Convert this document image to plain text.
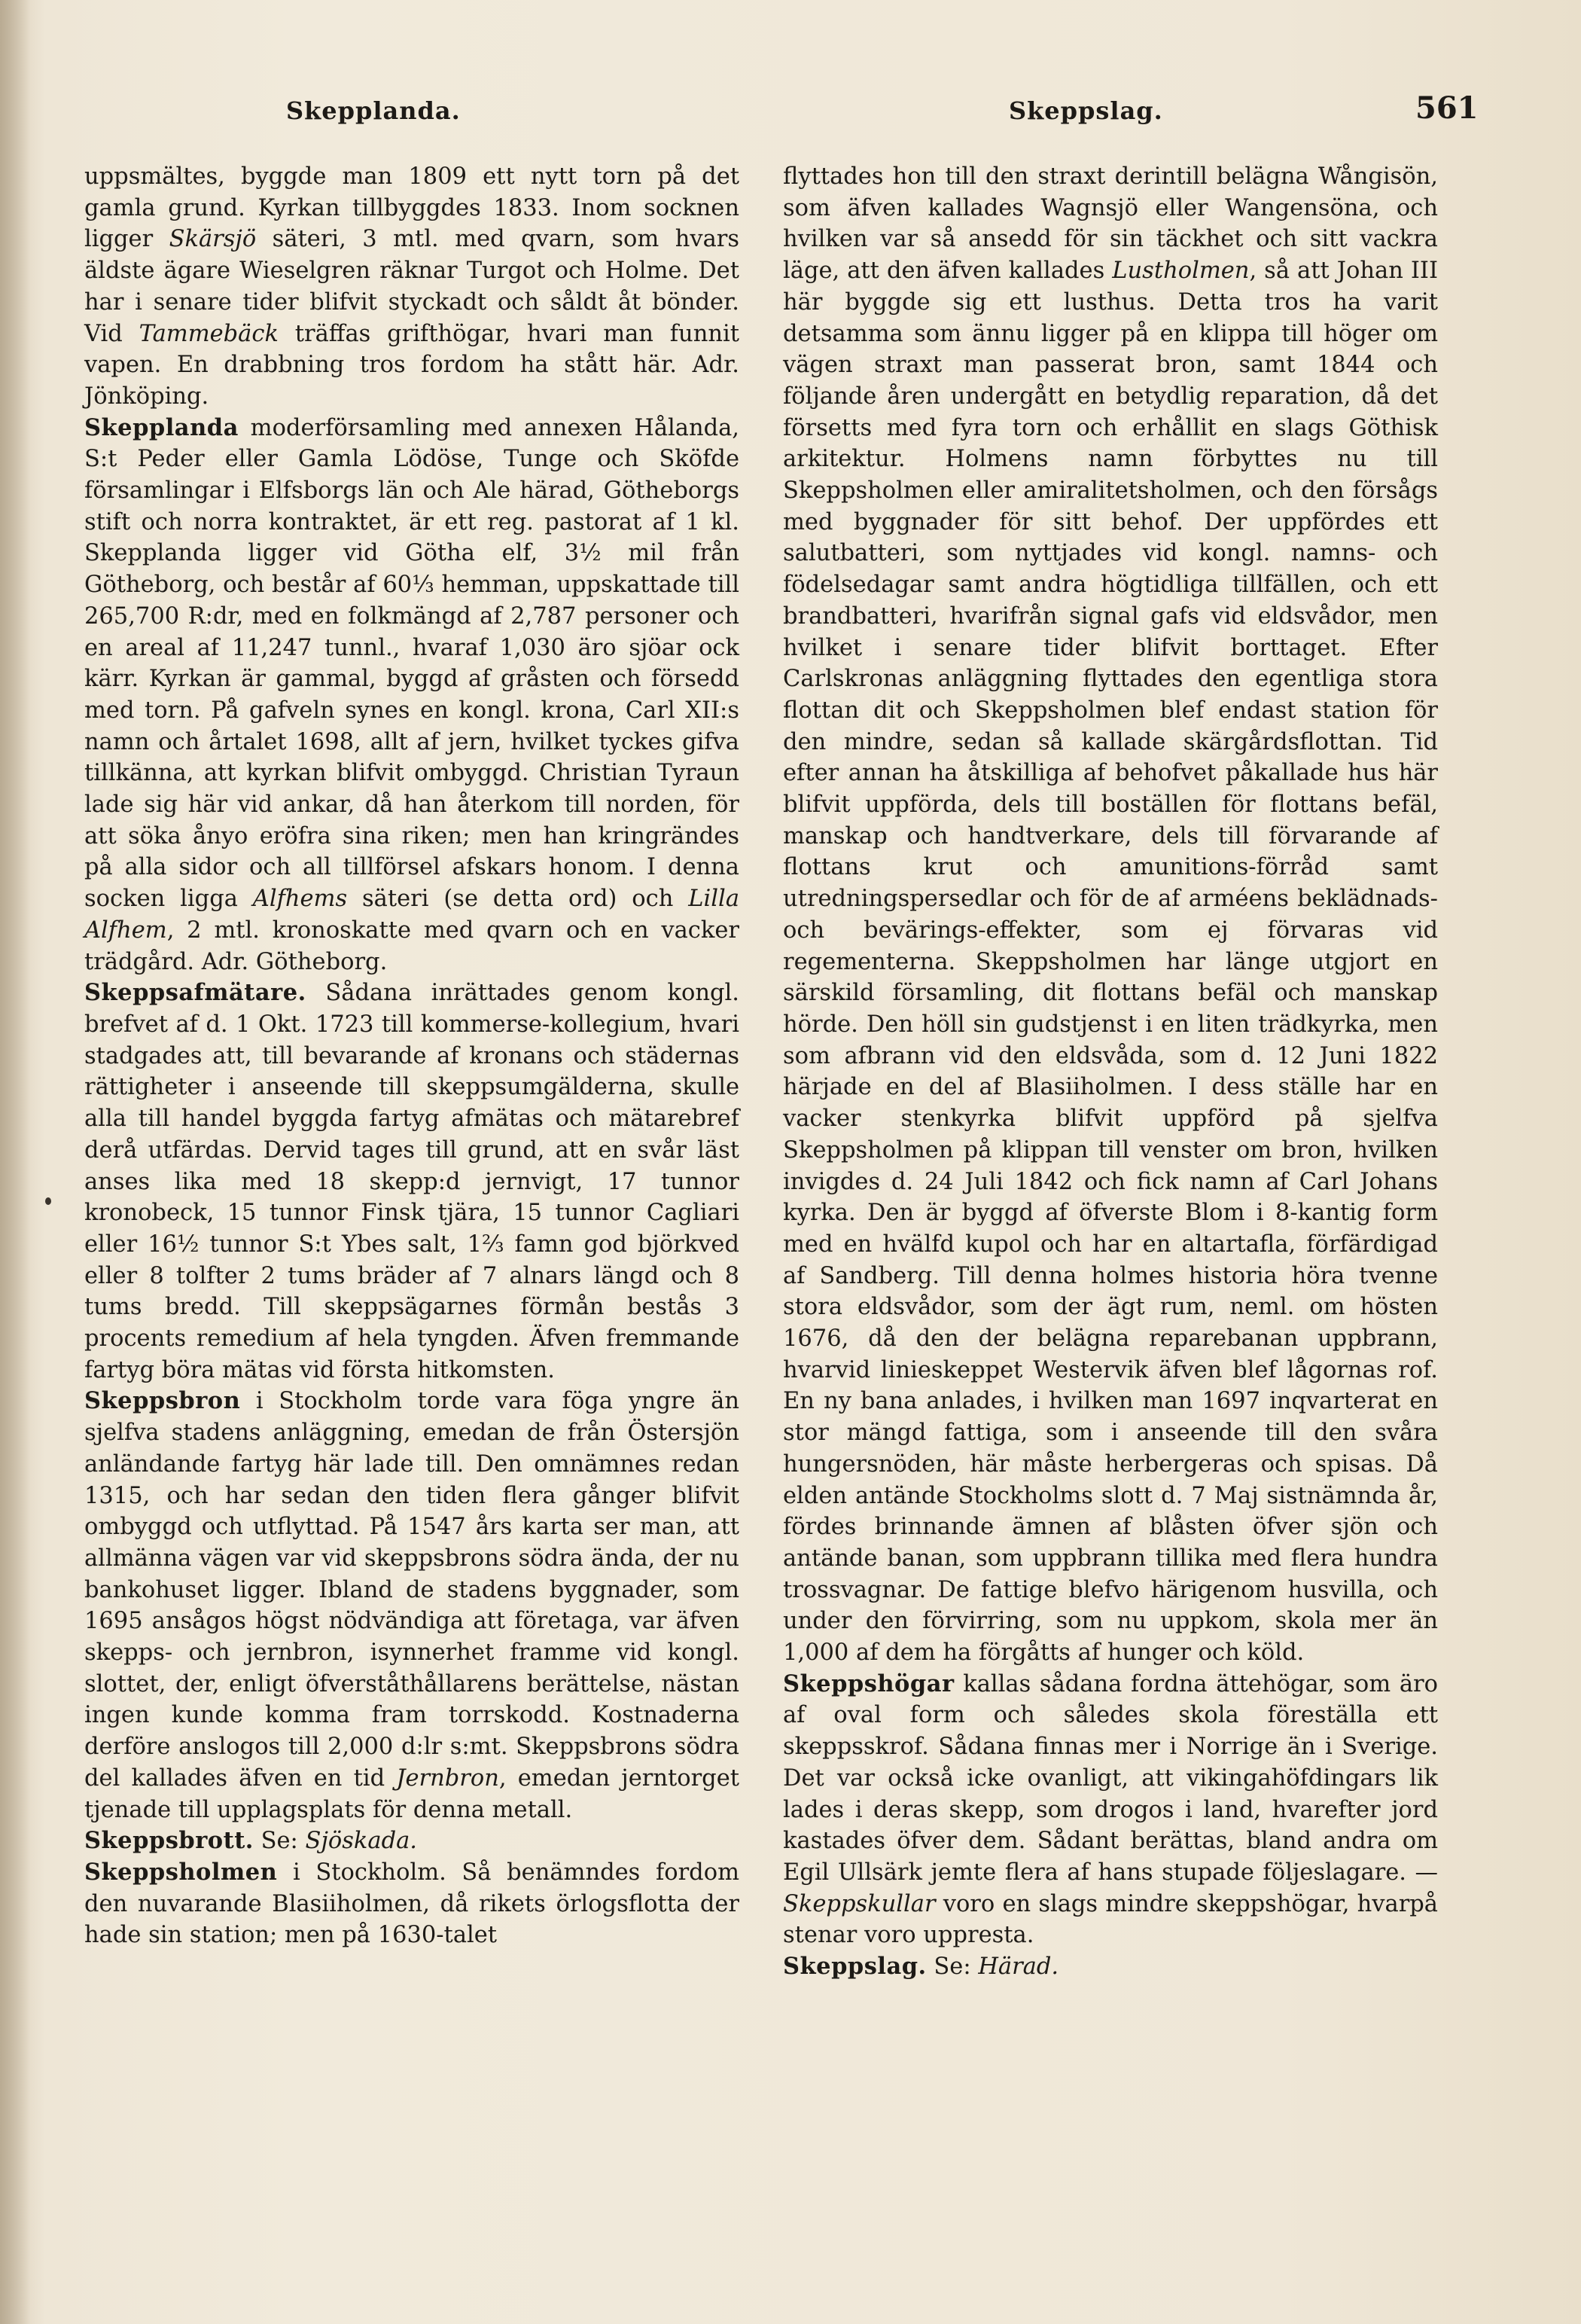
Skepplanda.	Skeppslag.	561

uppsmältes, byggde man 1809 ett nytt torn på det gamla grund. Kyrkan tillbyggdes 1833. Inom socknen ligger Skärsjö säteri, 3 mtl. med qvarn, som hvars äldste ägare Wieselgren räknar Turgot och Holme. Det har i senare tider blifvit styckadt och såldt åt bönder. Vid Tammebäck träffas grifthögar, hvari man funnit vapen. En drabbning tros fordom ha stått här. Adr. Jönköping.

Skepplanda moderförsamling med annexen Hålanda, S:t Peder eller Gamla Lödöse, Tunge och Sköfde församlingar i Elfsborgs län och Ale härad, Götheborgs stift och norra kontraktet, är ett reg. pastorat af 1 kl. Skepplanda ligger vid Götha elf, 3½ mil från Götheborg, och består af 60⅓ hemman, uppskattade till 265,700 R:dr, med en folkmängd af 2,787 personer och en areal af 11,247 tunnl., hvaraf 1,030 äro sjöar ock kärr. Kyrkan är gammal, byggd af gråsten och försedd med torn. På gafveln synes en kongl. krona, Carl XII:s namn och årtalet 1698, allt af jern, hvilket tyckes gifva tillkänna, att kyrkan blifvit ombyggd. Christian Tyraun lade sig här vid ankar, då han återkom till norden, för att söka ånyo eröfra sina riken; men han kringrändes på alla sidor och all tillförsel afskars honom. I denna socken ligga Alfhems säteri (se detta ord) och Lilla Alfhem, 2 mtl. kronoskatte med qvarn och en vacker trädgård. Adr. Götheborg.

Skeppsafmätare. Sådana inrättades genom kongl. brefvet af d. 1 Okt. 1723 till kommerse-kollegium, hvari stadgades att, till bevarande af kronans och städernas rättigheter i anseende till skeppsumgälderna, skulle alla till handel byggda fartyg afmätas och mätarebref derå utfärdas. Dervid tages till grund, att en svår läst anses lika med 18 skepp:d jernvigt, 17 tunnor kronobeck, 15 tunnor Finsk tjära, 15 tunnor Cagliari eller 16½ tunnor S:t Ybes salt, 1⅔ famn god björkved eller 8 tolfter 2 tums bräder af 7 alnars längd och 8 tums bredd. Till skeppsägarnes förmån bestås 3 procents remedium af hela tyngden. Äfven fremmande fartyg böra mätas vid första hitkomsten.

Skeppsbron i Stockholm torde vara föga yngre än sjelfva stadens anläggning, emedan de från Östersjön anländande fartyg här lade till. Den omnämnes redan 1315, och har sedan den tiden flera gånger blifvit ombyggd och utflyttad. På 1547 års karta ser man, att allmänna vägen var vid skeppsbrons södra ända, der nu bankohuset ligger. Ibland de stadens byggnader, som 1695 ansågos högst nödvändiga att företaga, var äfven skepps- och jernbron, isynnerhet framme vid kongl. slottet, der, enligt öfverståthållarens berättelse, nästan ingen kunde komma fram torrskodd. Kostnaderna derföre anslogos till 2,000 d:lr s:mt. Skeppsbrons södra del kallades äfven en tid Jernbron, emedan jerntorget tjenade till upplagsplats för denna metall.

Skeppsbrott. Se: Sjöskada.

Skeppsholmen i Stockholm. Så benämndes fordom den nuvarande Blasiiholmen, då rikets örlogsflotta der hade sin station; men på 1630-talet

flyttades hon till den straxt derintill belägna Wångisön, som äfven kallades Wagnsjö eller Wangensöna, och hvilken var så ansedd för sin täckhet och sitt vackra läge, att den äfven kallades Lustholmen, så att Johan III här byggde sig ett lusthus. Detta tros ha varit detsamma som ännu ligger på en klippa till höger om vägen straxt man passerat bron, samt 1844 och följande åren undergått en betydlig reparation, då det försetts med fyra torn och erhållit en slags Göthisk arkitektur. Holmens namn förbyttes nu till Skeppsholmen eller amiralitetsholmen, och den försågs med byggnader för sitt behof. Der uppfördes ett salutbatteri, som nyttjades vid kongl. namns- och födelsedagar samt andra högtidliga tillfällen, och ett brandbatteri, hvarifrån signal gafs vid eldsvådor, men hvilket i senare tider blifvit borttaget. Efter Carlskronas anläggning flyttades den egentliga stora flottan dit och Skeppsholmen blef endast station för den mindre, sedan så kallade skärgårdsflottan. Tid efter annan ha åtskilliga af behofvet påkallade hus här blifvit uppförda, dels till boställen för flottans befäl, manskap och handtverkare, dels till förvarande af flottans krut och amunitions-förråd samt utredningspersedlar och för de af arméens beklädnads- och bevärings-effekter, som ej förvaras vid regementerna. Skeppsholmen har länge utgjort en särskild församling, dit flottans befäl och manskap hörde. Den höll sin gudstjenst i en liten trädkyrka, men som afbrann vid den eldsvåda, som d. 12 Juni 1822 härjade en del af Blasiiholmen. I dess ställe har en vacker stenkyrka blifvit uppförd på sjelfva Skeppsholmen på klippan till venster om bron, hvilken invigdes d. 24 Juli 1842 och fick namn af Carl Johans kyrka. Den är byggd af öfverste Blom i 8-kantig form med en hvälfd kupol och har en altartafla, förfärdigad af Sandberg. Till denna holmes historia höra tvenne stora eldsvådor, som der ägt rum, neml. om hösten 1676, då den der belägna reparebanan uppbrann, hvarvid linieskeppet Westervik äfven blef lågornas rof. En ny bana anlades, i hvilken man 1697 inqvarterat en stor mängd fattiga, som i anseende till den svåra hungersnöden, här måste herbergeras och spisas. Då elden antände Stockholms slott d. 7 Maj sistnämnda år, fördes brinnande ämnen af blåsten öfver sjön och antände banan, som uppbrann tillika med flera hundra trossvagnar. De fattige blefvo härigenom husvilla, och under den förvirring, som nu uppkom, skola mer än 1,000 af dem ha förgåtts af hunger och köld.

Skeppshögar kallas sådana fordna ättehögar, som äro af oval form och således skola föreställa ett skeppsskrof. Sådana finnas mer i Norrige än i Sverige. Det var också icke ovanligt, att vikingahöfdingars lik lades i deras skepp, som drogos i land, hvarefter jord kastades öfver dem. Sådant berättas, bland andra om Egil Ullsärk jemte flera af hans stupade följeslagare. — Skeppskullar voro en slags mindre skeppshögar, hvarpå stenar voro uppresta.

Skeppslag. Se: Härad.
